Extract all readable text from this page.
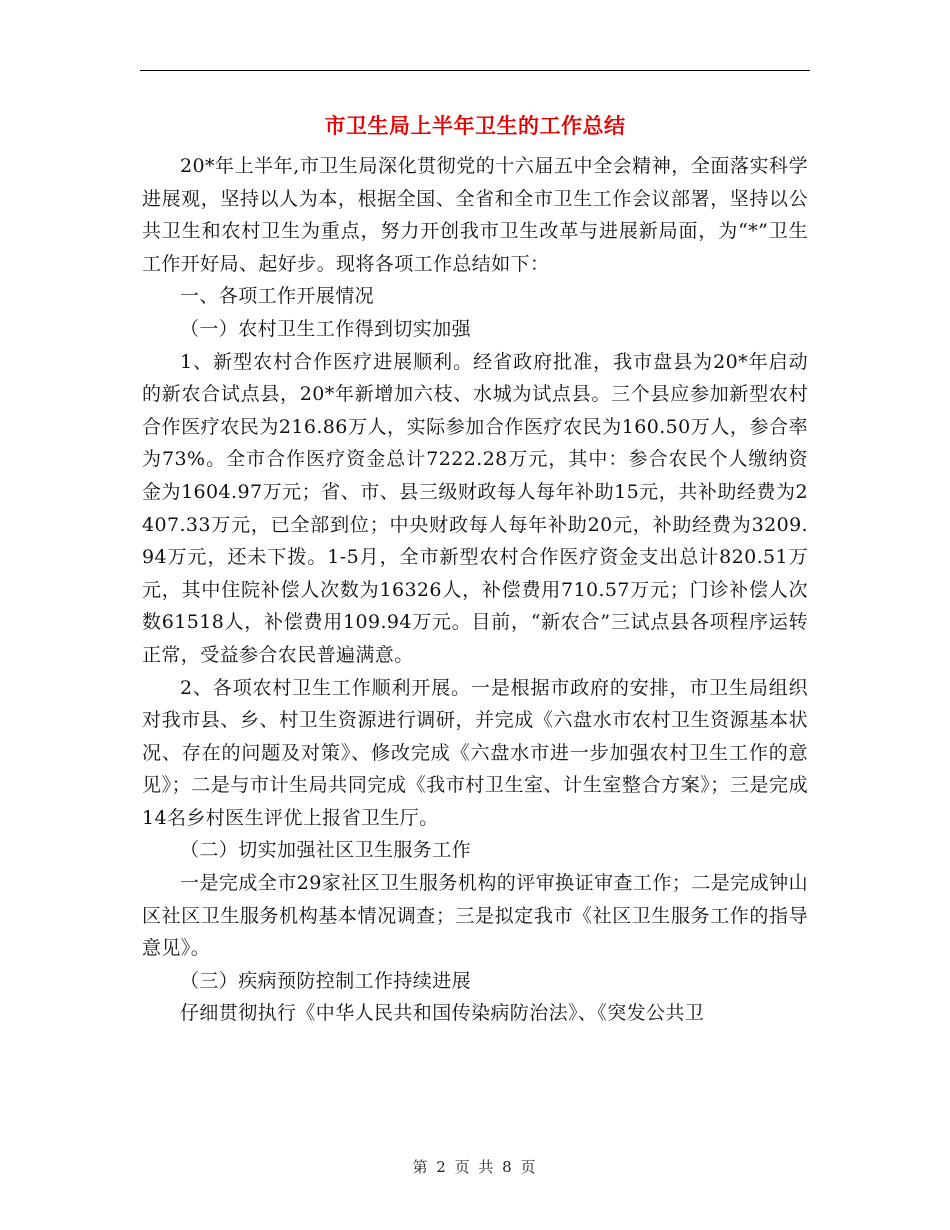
市卫生局上半年卫生的工作总结

20*年上半年,市卫生局深化贯彻党的十六届五中全会精神，全面落实科学进展观，坚持以人为本，根据全国、全省和全市卫生工作会议部署，坚持以公共卫生和农村卫生为重点，努力开创我市卫生改革与进展新局面，为“*”卫生工作开好局、起好步。现将各项工作总结如下：

一、各项工作开展情况

（一）农村卫生工作得到切实加强

1、新型农村合作医疗进展顺利。经省政府批准，我市盘县为20*年启动的新农合试点县，20*年新增加六枝、水城为试点县。三个县应参加新型农村合作医疗农民为216.86万人，实际参加合作医疗农民为160.50万人，参合率为73%。全市合作医疗资金总计7222.28万元，其中：参合农民个人缴纳资金为1604.97万元；省、市、县三级财政每人每年补助15元，共补助经费为2407.33万元，已全部到位；中央财政每人每年补助20元，补助经费为3209.94万元，还未下拨。1-5月，全市新型农村合作医疗资金支出总计820.51万元，其中住院补偿人次数为16326人，补偿费用710.57万元；门诊补偿人次数61518人，补偿费用109.94万元。目前，“新农合”三试点县各项程序运转正常，受益参合农民普遍满意。

2、各项农村卫生工作顺利开展。一是根据市政府的安排，市卫生局组织对我市县、乡、村卫生资源进行调研，并完成《六盘水市农村卫生资源基本状况、存在的问题及对策》、修改完成《六盘水市进一步加强农村卫生工作的意见》；二是与市计生局共同完成《我市村卫生室、计生室整合方案》；三是完成14名乡村医生评优上报省卫生厅。

（二）切实加强社区卫生服务工作

一是完成全市29家社区卫生服务机构的评审换证审查工作；二是完成钟山区社区卫生服务机构基本情况调查；三是拟定我市《社区卫生服务工作的指导意见》。

（三）疾病预防控制工作持续进展

仔细贯彻执行《中华人民共和国传染病防治法》、《突发公共卫

第 2 页 共 8 页
